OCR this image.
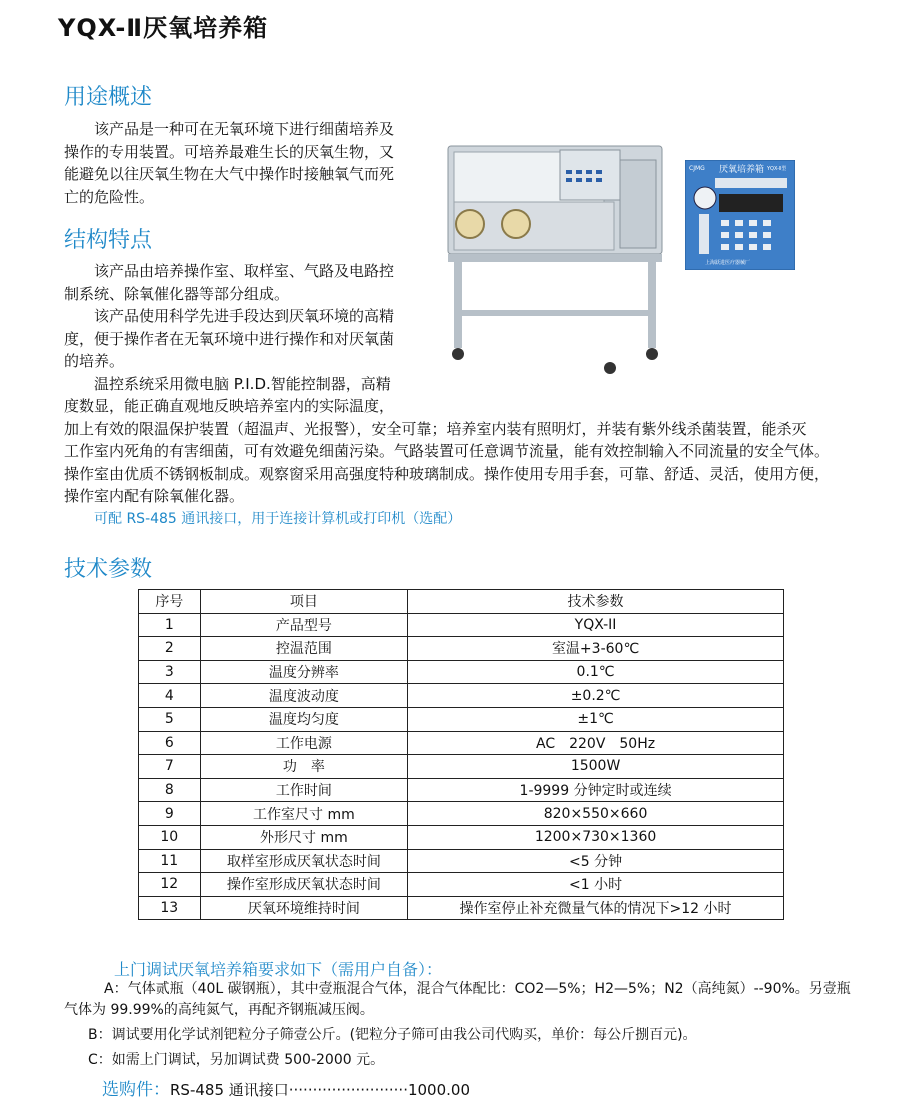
YQX-Ⅱ厌氧培养箱
用途概述
该产品是一种可在无氧环境下进行细菌培养及
操作的专用装置。可培养最难生长的厌氧生物，又
能避免以往厌氧生物在大气中操作时接触氧气而死
亡的危险性。
结构特点
该产品由培养操作室、取样室、气路及电路控
制系统、除氧催化器等部分组成。
该产品使用科学先进手段达到厌氧环境的高精
度，便于操作者在无氧环境中进行操作和对厌氧菌
的培养。
温控系统采用微电脑 P.I.D.智能控制器，高精
度数显，能正确直观地反映培养室内的实际温度，
加上有效的限温保护装置（超温声、光报警），安全可靠；培养室内装有照明灯，并装有紫外线杀菌装置，能杀灭
工作室内死角的有害细菌，可有效避免细菌污染。气路装置可任意调节流量，能有效控制输入不同流量的安全气体。
操作室由优质不锈钢板制成。观察窗采用高强度特种玻璃制成。操作使用专用手套，可靠、舒适、灵活，使用方便，
操作室内配有除氧催化器。
可配 RS-485 通讯接口，用于连接计算机或打印机（选配）
CJMG 厌氧培养箱 YQX-Ⅱ型
上海跃进医疗器械厂
技术参数
序号	项目	技术参数
1	产品型号	YQX-II
2	控温范围	室温+3-60℃
3	温度分辨率	0.1℃
4	温度波动度	±0.2℃
5	温度均匀度	±1℃
6	工作电源	AC　220V　50Hz
7	功　率	1500W
8	工作时间	1-9999 分钟定时或连续
9	工作室尺寸 mm	820×550×660
10	外形尺寸 mm	1200×730×1360
11	取样室形成厌氧状态时间	<5 分钟
12	操作室形成厌氧状态时间	<1 小时
13	厌氧环境维持时间	操作室停止补充微量气体的情况下>12 小时
上门调试厌氧培养箱要求如下（需用户自备）：
A：气体贰瓶（40L 碳钢瓶），其中壹瓶混合气体，混合气体配比：CO2—5%；H2—5%；N2（高纯氮）--90%。另壹瓶
气体为 99.99%的高纯氮气，再配齐钢瓶减压阀。
B：调试要用化学试剂钯粒分子筛壹公斤。(钯粒分子筛可由我公司代购买，单价：每公斤捌百元)。
C：如需上门调试，另加调试费 500-2000 元。
选购件：RS-485 通讯接口·························1000.00
